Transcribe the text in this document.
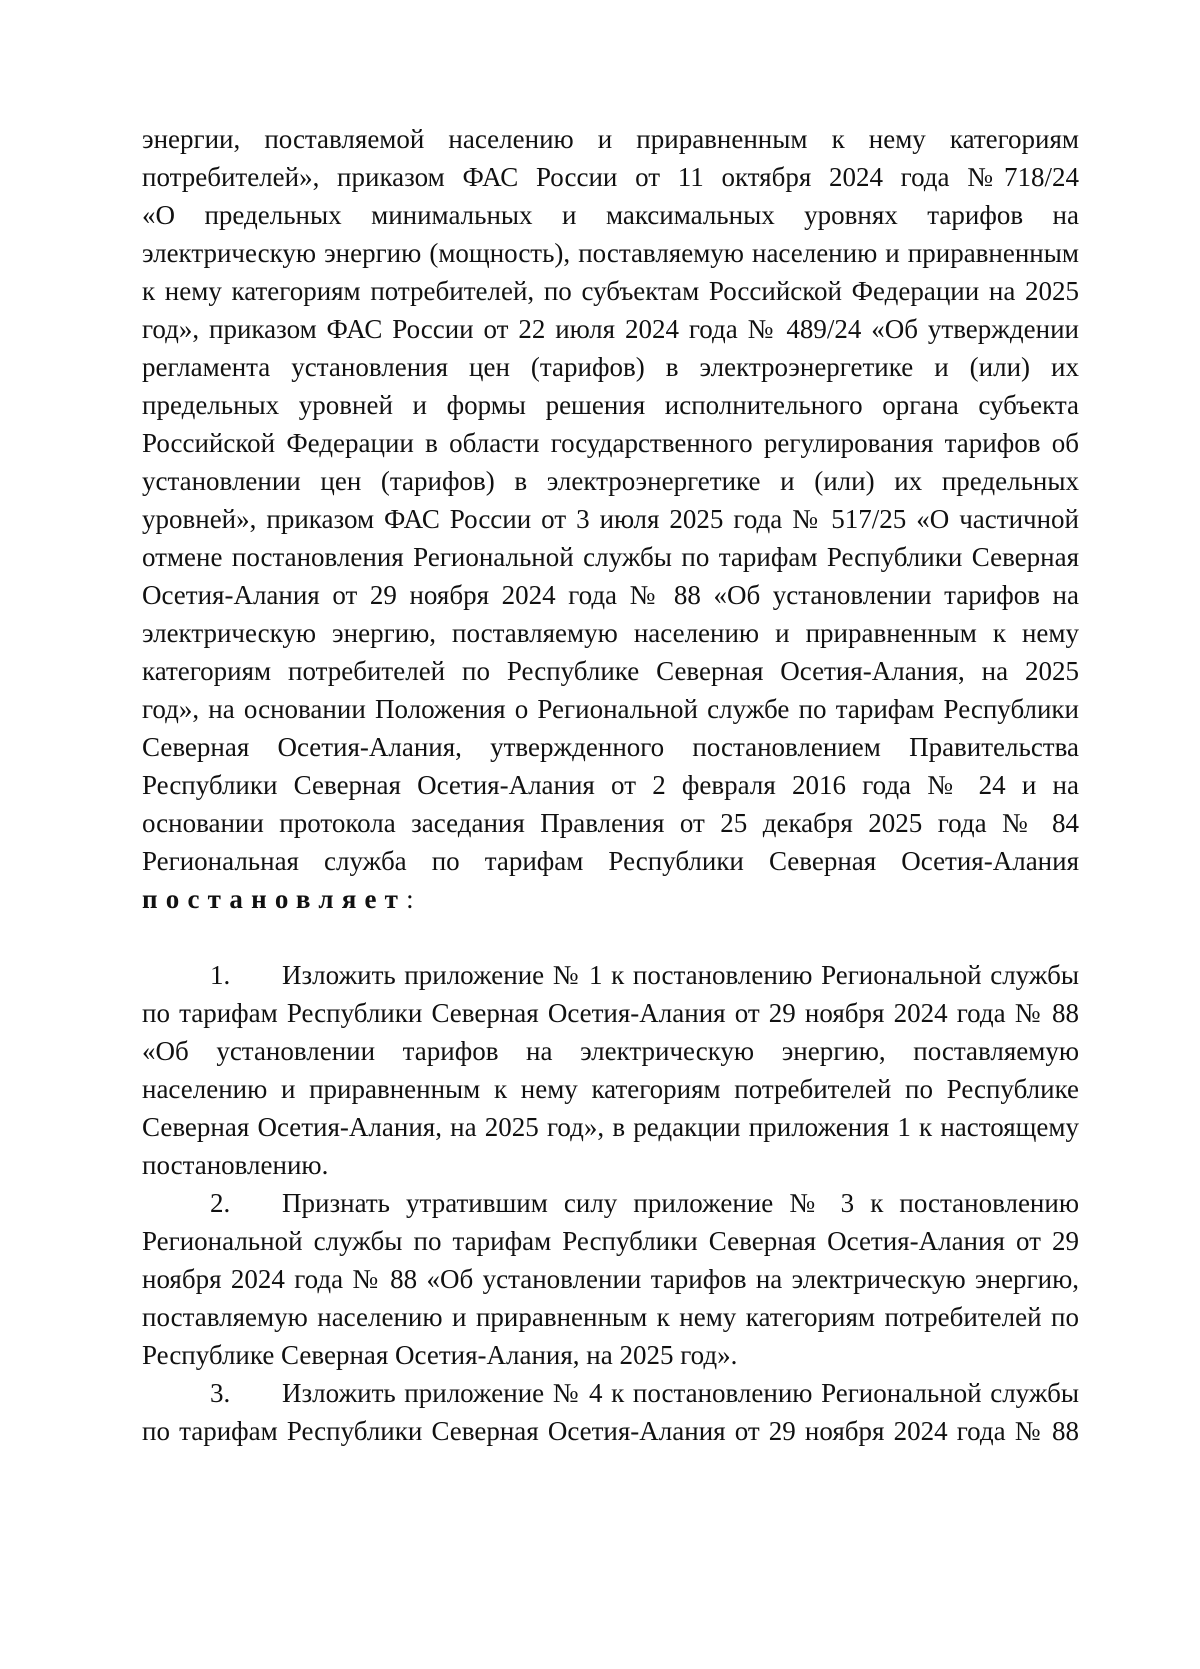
энергии, поставляемой населению и приравненным к нему категориям
потребителей», приказом ФАС России от 11 октября 2024 года №718/24
«О предельных минимальных и максимальных уровнях тарифов на
электрическую энергию (мощность), поставляемую населению и приравненным
к нему категориям потребителей, по субъектам Российской Федерации на 2025
год», приказом ФАС России от 22 июля 2024 года № 489/24 «Об утверждении
регламента установления цен (тарифов) в электроэнергетике и (или) их
предельных уровней и формы решения исполнительного органа субъекта
Российской Федерации в области государственного регулирования тарифов об
установлении цен (тарифов) в электроэнергетике и (или) их предельных
уровней», приказом ФАС России от 3 июля 2025 года № 517/25 «О частичной
отмене постановления Региональной службы по тарифам Республики Северная
Осетия-Алания от 29 ноября 2024 года № 88 «Об установлении тарифов на
электрическую энергию, поставляемую населению и приравненным к нему
категориям потребителей по Республике Северная Осетия-Алания, на 2025
год», на основании Положения о Региональной службе по тарифам Республики
Северная Осетия-Алания, утвержденного постановлением Правительства
Республики Северная Осетия-Алания от 2 февраля 2016 года № 24 и на
основании протокола заседания Правления от 25 декабря 2025 года № 84
Региональная служба по тарифам Республики Северная Осетия-Алания
постановляет:
1. Изложить приложение № 1 к постановлению Региональной службы
по тарифам Республики Северная Осетия-Алания от 29 ноября 2024 года № 88
«Об установлении тарифов на электрическую энергию, поставляемую
населению и приравненным к нему категориям потребителей по Республике
Северная Осетия-Алания, на 2025 год», в редакции приложения 1 к настоящему
постановлению.
2. Признать утратившим силу приложение № 3 к постановлению
Региональной службы по тарифам Республики Северная Осетия-Алания от 29
ноября 2024 года № 88 «Об установлении тарифов на электрическую энергию,
поставляемую населению и приравненным к нему категориям потребителей по
Республике Северная Осетия-Алания, на 2025 год».
3. Изложить приложение № 4 к постановлению Региональной службы
по тарифам Республики Северная Осетия-Алания от 29 ноября 2024 года № 88
